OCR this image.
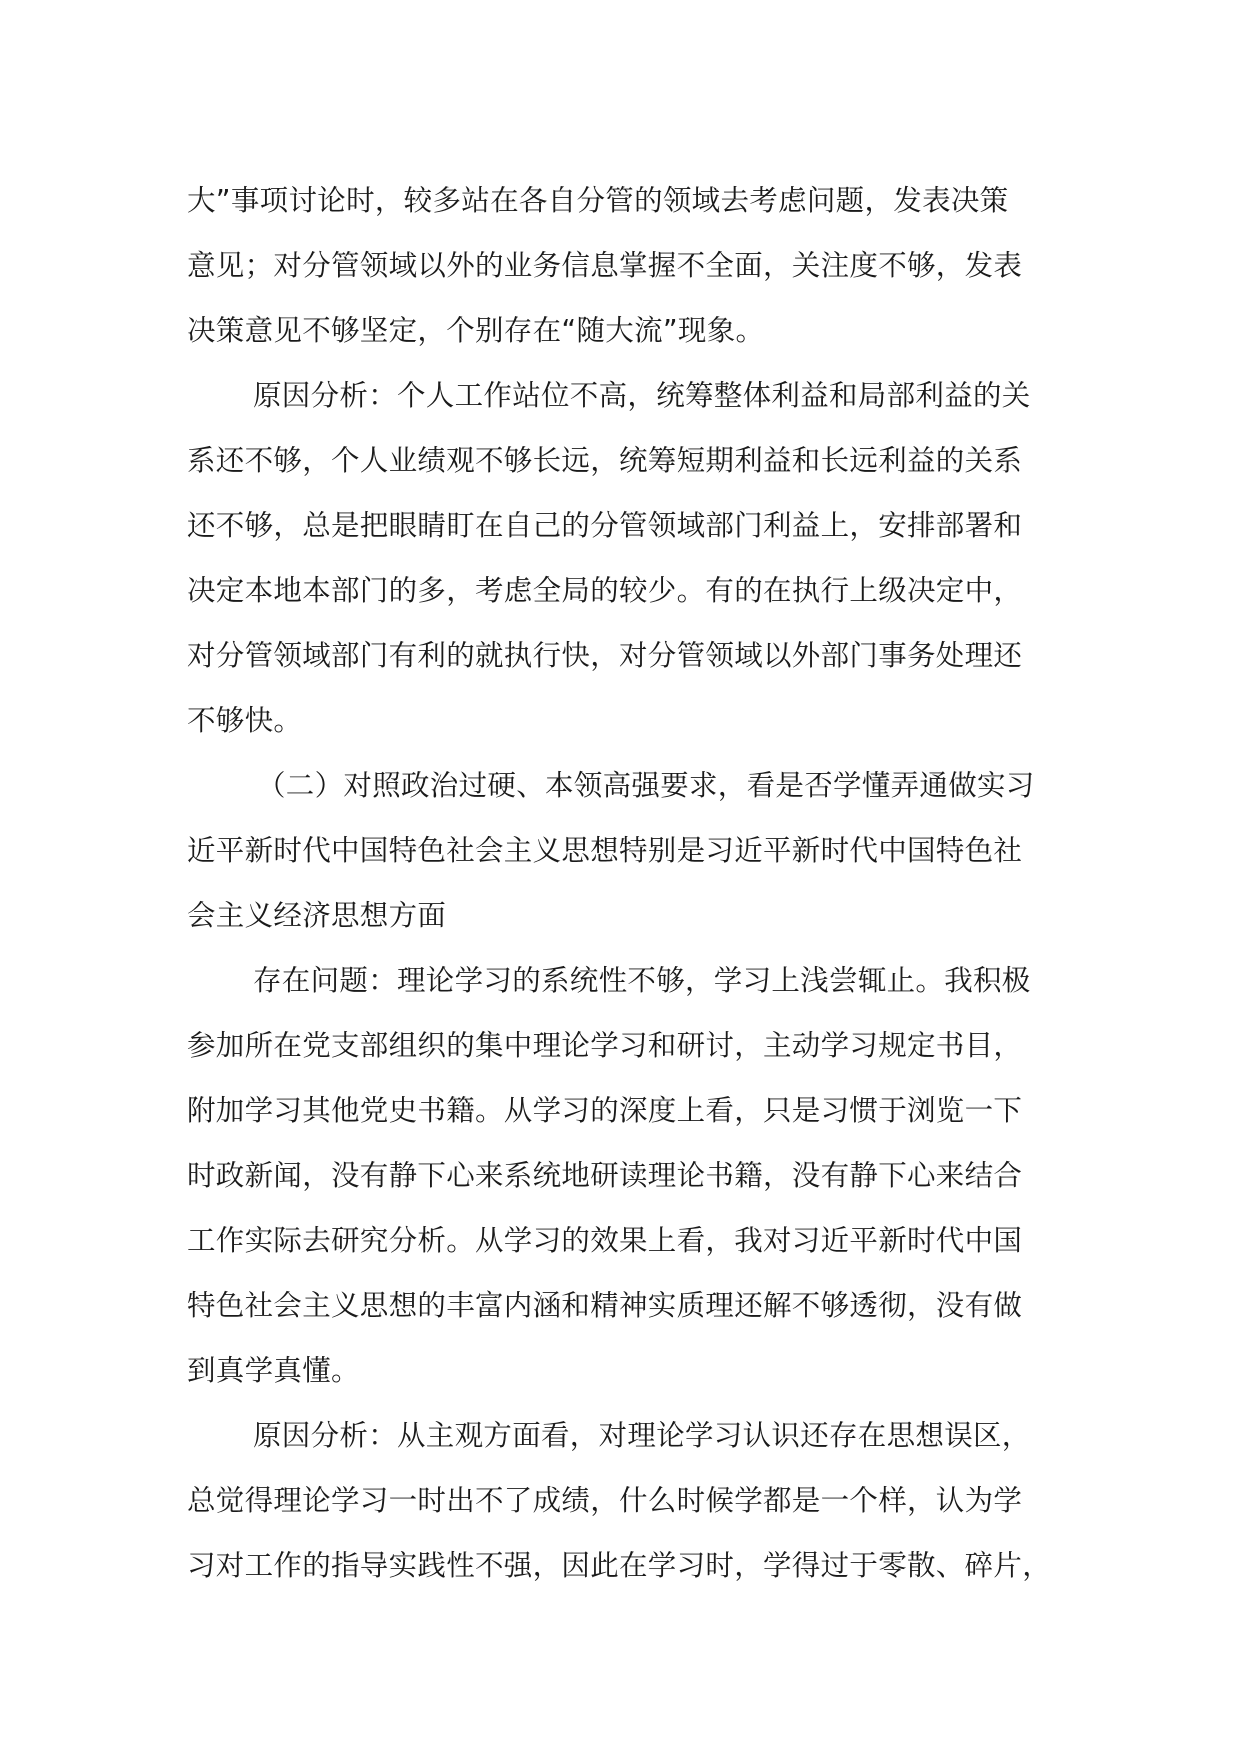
大”事项讨论时，较多站在各自分管的领域去考虑问题，发表决策
意见；对分管领域以外的业务信息掌握不全面，关注度不够，发表
决策意见不够坚定，个别存在“随大流”现象。
原因分析：个人工作站位不高，统筹整体利益和局部利益的关
系还不够，个人业绩观不够长远，统筹短期利益和长远利益的关系
还不够，总是把眼睛盯在自己的分管领域部门利益上，安排部署和
决定本地本部门的多，考虑全局的较少。有的在执行上级决定中，
对分管领域部门有利的就执行快，对分管领域以外部门事务处理还
不够快。
（二）对照政治过硬、本领高强要求，看是否学懂弄通做实习
近平新时代中国特色社会主义思想特别是习近平新时代中国特色社
会主义经济思想方面
存在问题：理论学习的系统性不够，学习上浅尝辄止。我积极
参加所在党支部组织的集中理论学习和研讨，主动学习规定书目，
附加学习其他党史书籍。从学习的深度上看，只是习惯于浏览一下
时政新闻，没有静下心来系统地研读理论书籍，没有静下心来结合
工作实际去研究分析。从学习的效果上看，我对习近平新时代中国
特色社会主义思想的丰富内涵和精神实质理还解不够透彻，没有做
到真学真懂。
原因分析：从主观方面看，对理论学习认识还存在思想误区，
总觉得理论学习一时出不了成绩，什么时候学都是一个样，认为学
习对工作的指导实践性不强，因此在学习时，学得过于零散、碎片，
